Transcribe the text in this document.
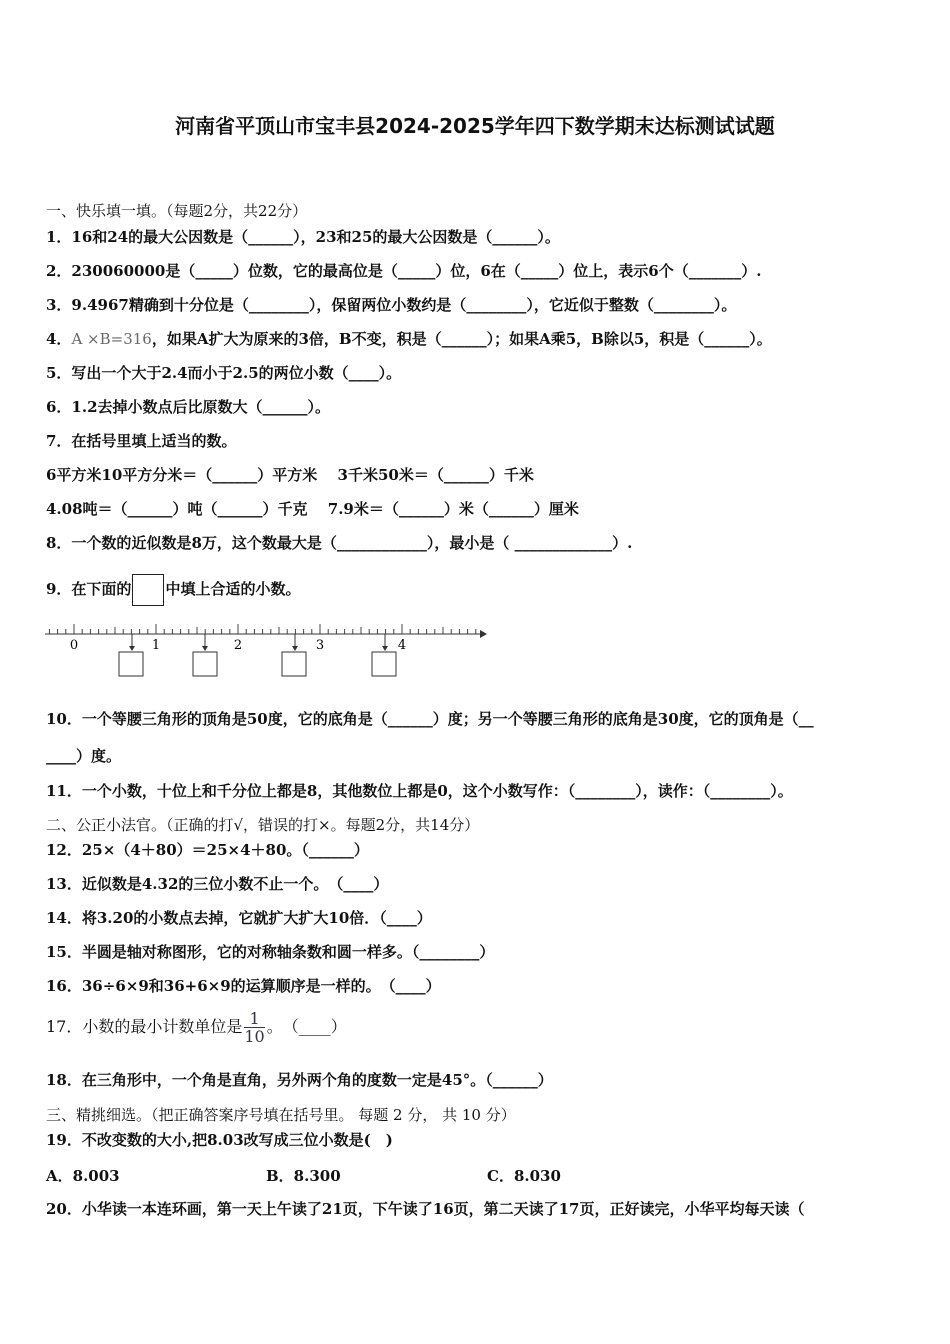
河南省平顶山市宝丰县2024-2025学年四下数学期末达标测试试题
一、快乐填一填。（每题2分，共22分）
1．16和24的最大公因数是（______），23和25的最大公因数是（______）。
2．230060000是（_____）位数，它的最高位是（_____）位，6在（_____）位上，表示6个（_______）.
3．9.4967精确到十分位是（________），保留两位小数约是（________），它近似于整数（________）。
4．A ×B=316，如果A扩大为原来的3倍，B不变，积是（______）；如果A乘5，B除以5，积是（______）。
5．写出一个大于2.4而小于2.5的两位小数（____）。
6．1.2去掉小数点后比原数大（______）。
7．在括号里填上适当的数。
6平方米10平方分米＝（______）平方米　 3千米50米＝（______）千米
4.08吨＝（______）吨（______）千克　 7.9米＝（______）米（______）厘米
8．一个数的近似数是8万，这个数最大是（____________），最小是（ _____________）.
9．在下面的 中填上合适的小数。
0	1	2	3	4
10．一个等腰三角形的顶角是50度，它的底角是（______）度；另一个等腰三角形的底角是30度，它的顶角是（__
____）度。
11．一个小数，十位上和千分位上都是8，其他数位上都是0，这个小数写作：（________），读作：（________）。
二、公正小法官。（正确的打√，错误的打×。每题2分，共14分）
12．25×（4＋80）＝25×4＋80。（______）
13．近似数是4.32的三位小数不止一个。　（____）
14．将3.20的小数点去掉，它就扩大扩大10倍．（____）
15．半圆是轴对称图形，它的对称轴条数和圆一样多。（________）
16．36÷6×9和36+6×9的运算顺序是一样的。　（____）
17．小数的最小计数单位是 $\frac{1}{10}$ 。　（____）
18．在三角形中，一个角是直角，另外两个角的度数一定是45°。（______）
三、精挑细选。（把正确答案序号填在括号里。 每题 2 分， 共 10 分）
19．不改变数的大小,把8.03改写成三位小数是(　)
A．8.003	B．8.300	C．8.030
20．小华读一本连环画，第一天上午读了21页，下午读了16页，第二天读了17页，正好读完，小华平均每天读（
